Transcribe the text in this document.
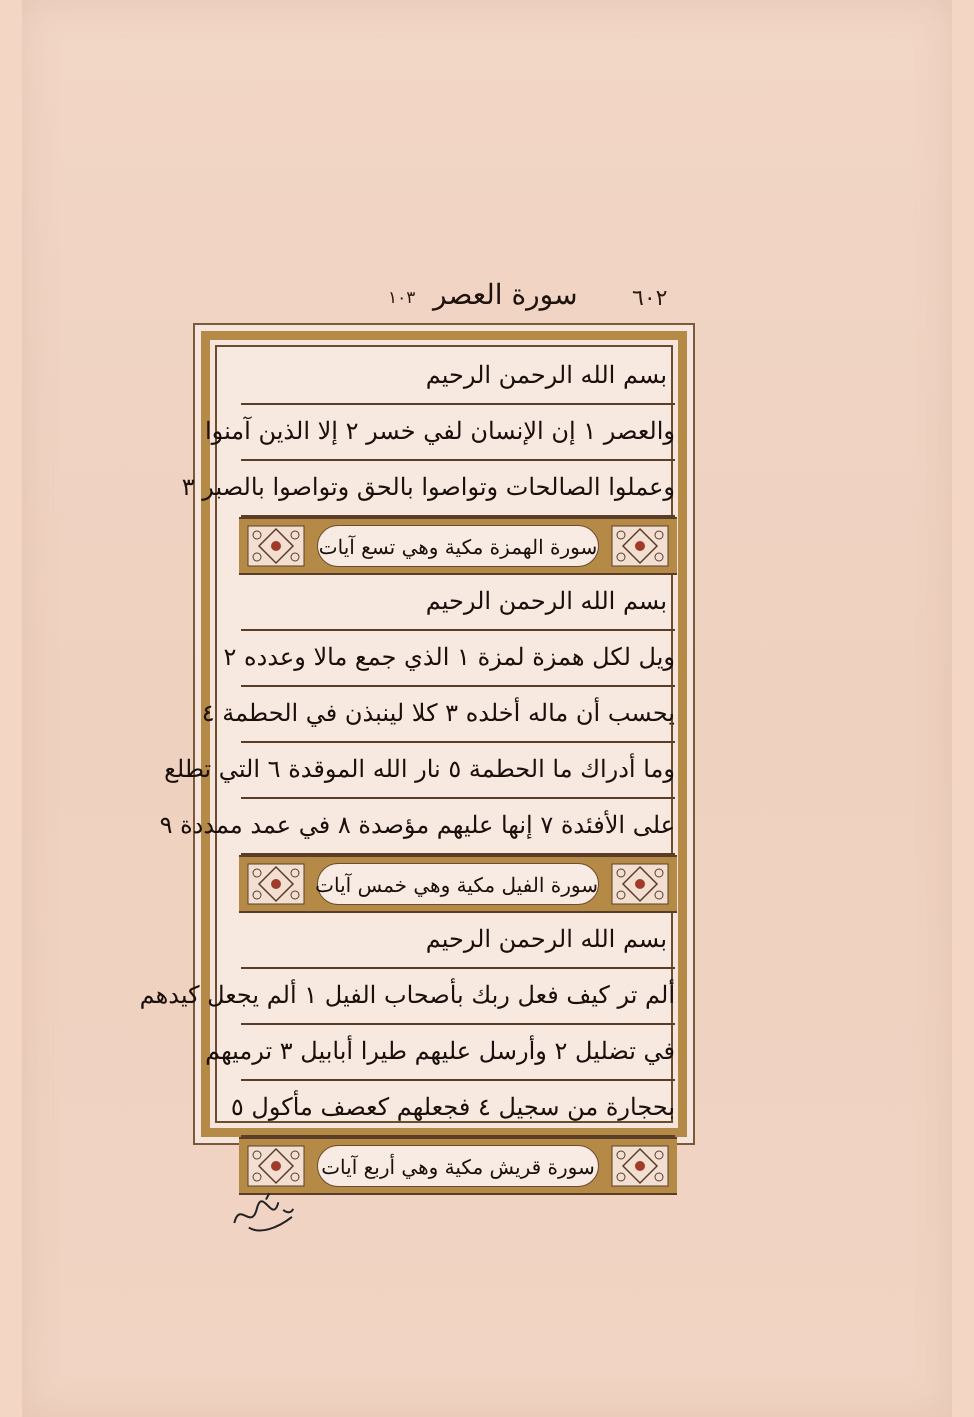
٦٠٢
سورة العصر
١٠٣
بسم الله الرحمن الرحيم
والعصر ١ إن الإنسان لفي خسر ٢ إلا الذين آمنوا
وعملوا الصالحات وتواصوا بالحق وتواصوا بالصبر ٣
سورة الهمزة مكية وهي تسع آيات
بسم الله الرحمن الرحيم
ويل لكل همزة لمزة ١ الذي جمع مالا وعدده ٢
يحسب أن ماله أخلده ٣ كلا لينبذن في الحطمة ٤
وما أدراك ما الحطمة ٥ نار الله الموقدة ٦ التي تطلع
على الأفئدة ٧ إنها عليهم مؤصدة ٨ في عمد ممددة ٩
سورة الفيل مكية وهي خمس آيات
بسم الله الرحمن الرحيم
ألم تر كيف فعل ربك بأصحاب الفيل ١ ألم يجعل كيدهم
في تضليل ٢ وأرسل عليهم طيرا أبابيل ٣ ترميهم
بحجارة من سجيل ٤ فجعلهم كعصف مأكول ٥
سورة قريش مكية وهي أربع آيات
